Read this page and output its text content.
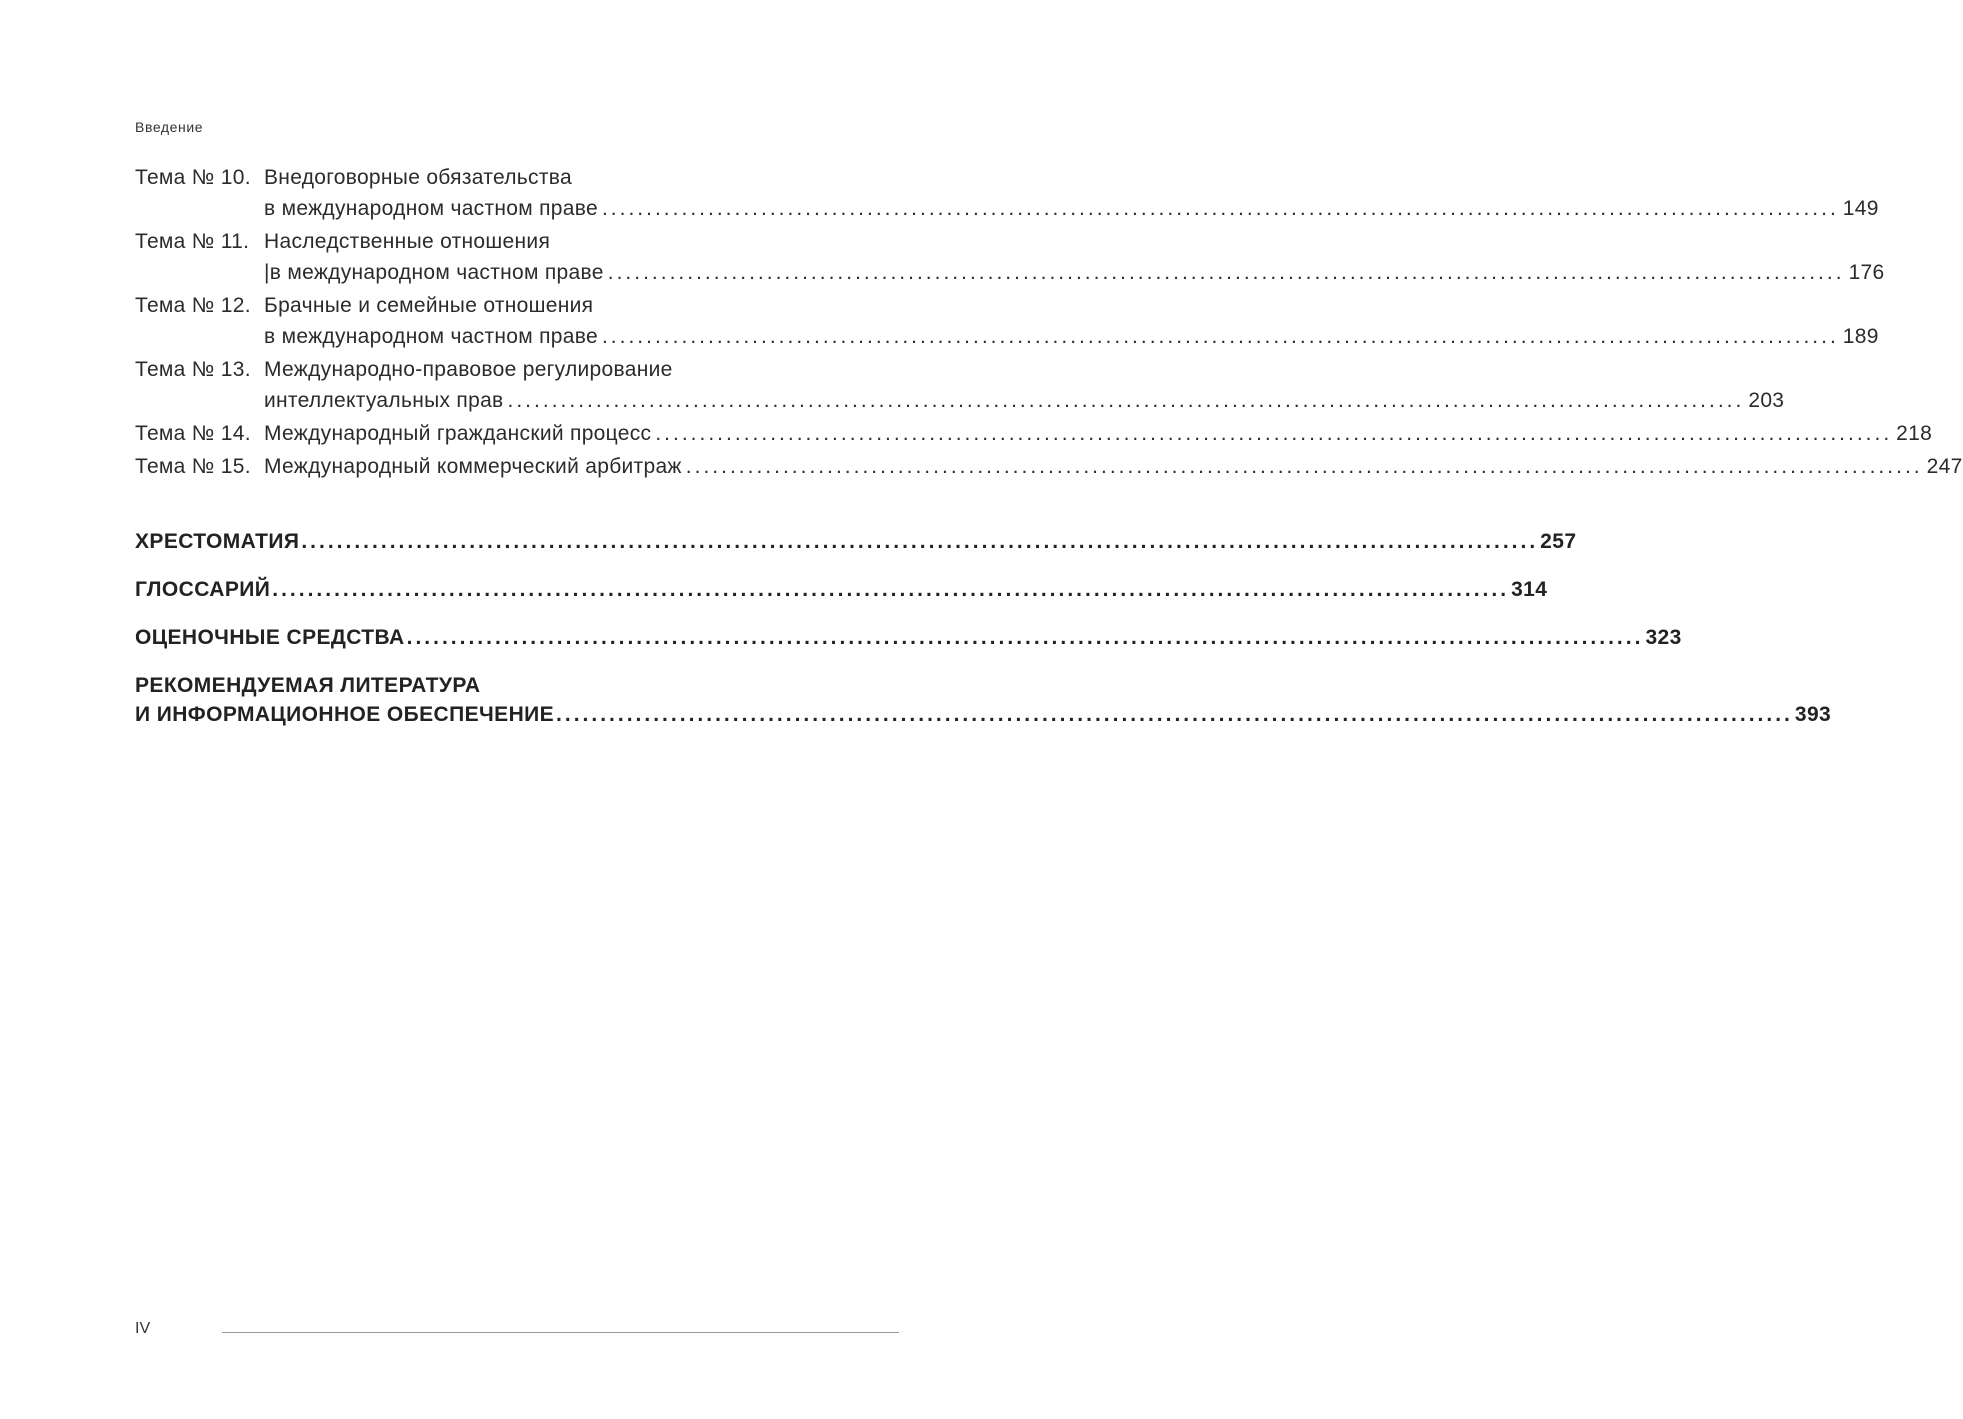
Введение
Тема № 10. Внедоговорные обязательства
в международном частном праве ............................................................................................................................................ 149
Тема № 11. Наследственные отношения
|в международном частном праве ............................................................................................................................................ 176
Тема № 12. Брачные и семейные отношения
в международном частном праве ............................................................................................................................................ 189
Тема № 13. Международно-правовое регулирование
интеллектуальных прав ............................................................................................................................................ 203
Тема № 14. Международный гражданский процесс ............................................................................................................................................ 218
Тема № 15. Международный коммерческий арбитраж ............................................................................................................................................ 247
ХРЕСТОМАТИЯ ............................................................................................................................................ 257
ГЛОССАРИЙ ............................................................................................................................................ 314
ОЦЕНОЧНЫЕ СРЕДСТВА ............................................................................................................................................ 323
РЕКОМЕНДУЕМАЯ ЛИТЕРАТУРА
И ИНФОРМАЦИОННОЕ ОБЕСПЕЧЕНИЕ ............................................................................................................................................ 393
IV
